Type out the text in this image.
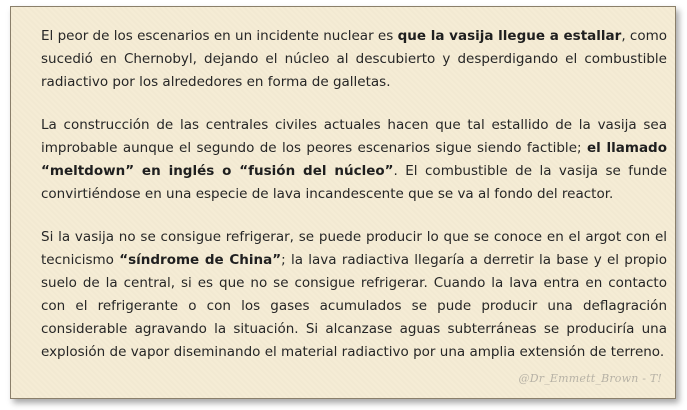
El peor de los escenarios en un incidente nuclear es que la vasija llegue a estallar, como sucedió en Chernobyl, dejando el núcleo al descubierto y desperdigando el combustible radiactivo por los alrededores en forma de galletas.

La construcción de las centrales civiles actuales hacen que tal estallido de la vasija sea improbable aunque el segundo de los peores escenarios sigue siendo factible; el llamado “meltdown” en inglés o “fusión del núcleo”. El combustible de la vasija se funde convirtiéndose en una especie de lava incandescente que se va al fondo del reactor.

Si la vasija no se consigue refrigerar, se puede producir lo que se conoce en el argot con el tecnicismo “síndrome de China”; la lava radiactiva llegaría a derretir la base y el propio suelo de la central, si es que no se consigue refrigerar. Cuando la lava entra en contacto con el refrigerante o con los gases acumulados se pude producir una deflagración considerable agravando la situación. Si alcanzase aguas subterráneas se produciría una explosión de vapor diseminando el material radiactivo por una amplia extensión de terreno.

@Dr_Emmett_Brown - T!
